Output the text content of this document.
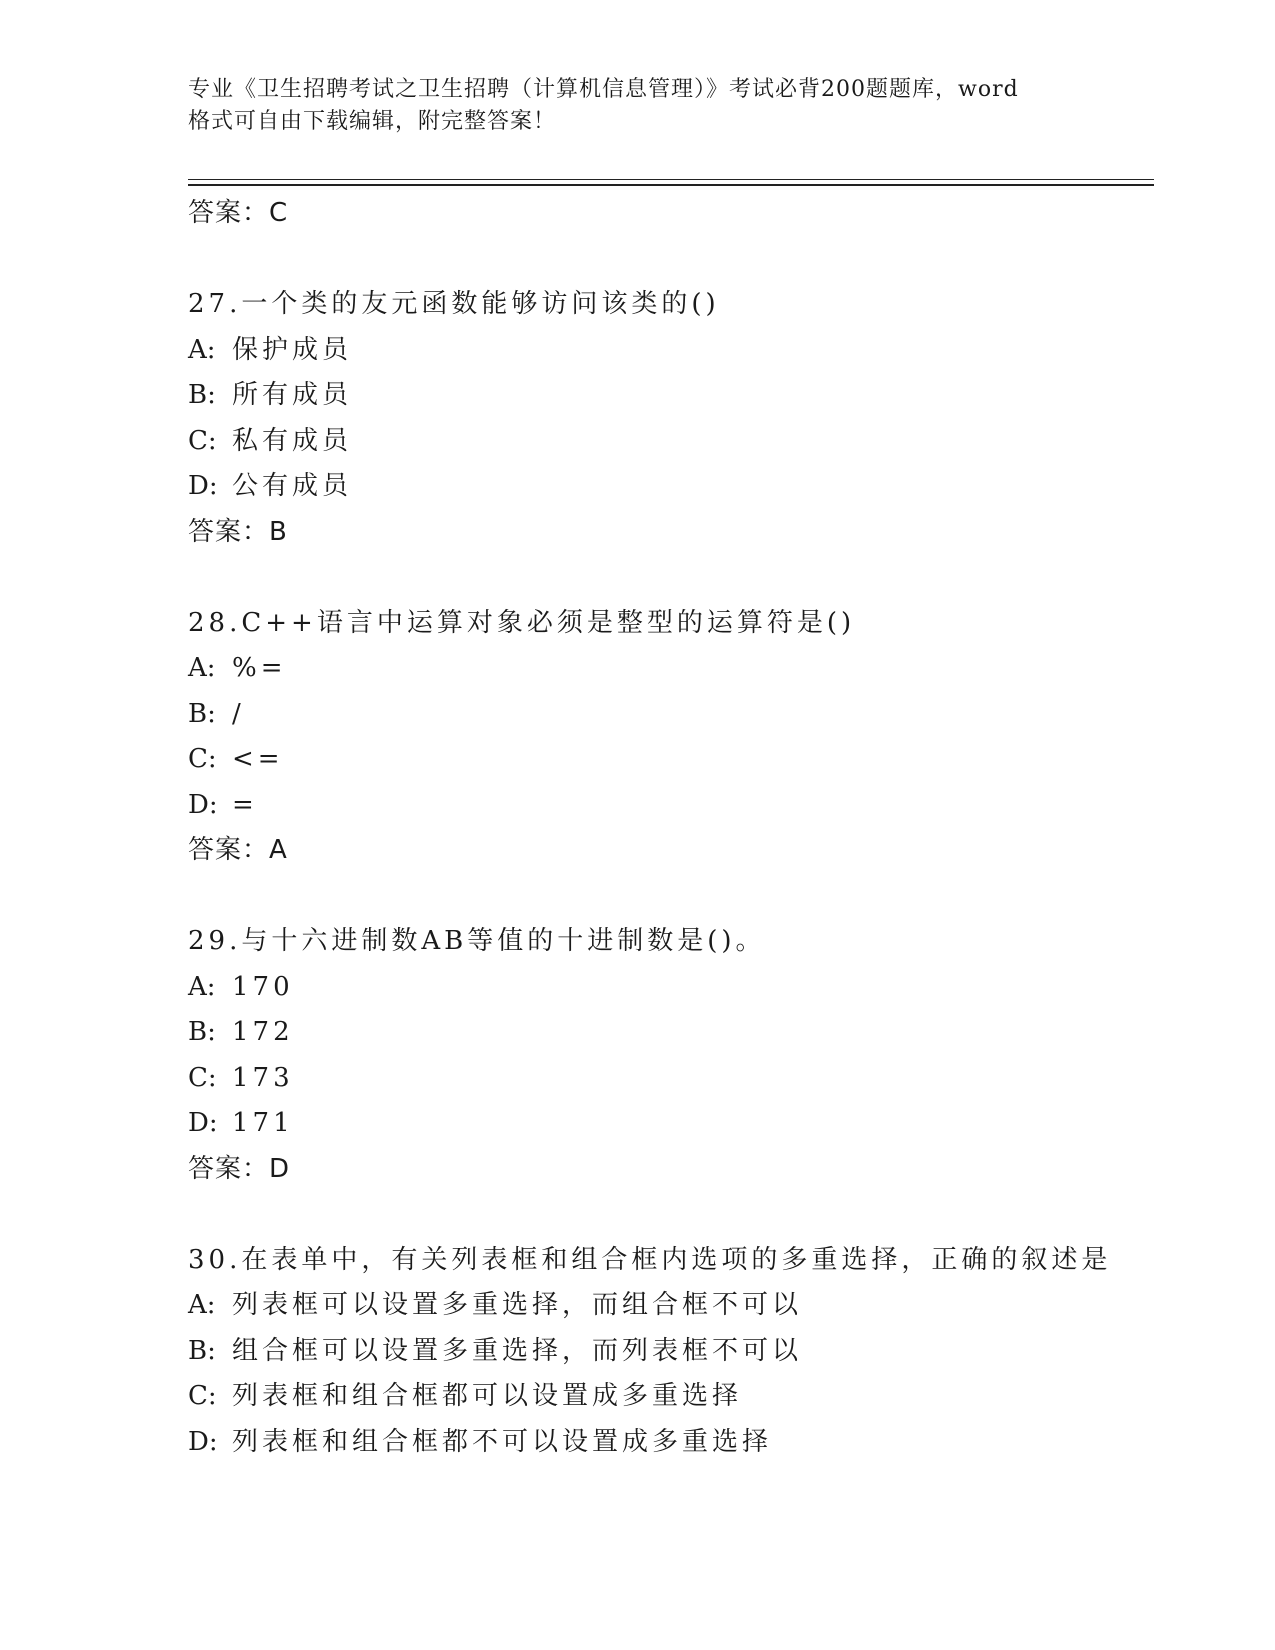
专业《卫生招聘考试之卫生招聘（计算机信息管理）》考试必背200题题库，word
格式可自由下载编辑，附完整答案！
答案：C
27.一个类的友元函数能够访问该类的()
A: 保护成员
B: 所有成员
C: 私有成员
D: 公有成员
答案：B
28.C++语言中运算对象必须是整型的运算符是()
A: %=
B: /
C: <=
D: =
答案：A
29.与十六进制数AB等值的十进制数是()。
A: 170
B: 172
C: 173
D: 171
答案：D
30.在表单中，有关列表框和组合框内选项的多重选择，正确的叙述是
A: 列表框可以设置多重选择，而组合框不可以
B: 组合框可以设置多重选择，而列表框不可以
C: 列表框和组合框都可以设置成多重选择
D: 列表框和组合框都不可以设置成多重选择
